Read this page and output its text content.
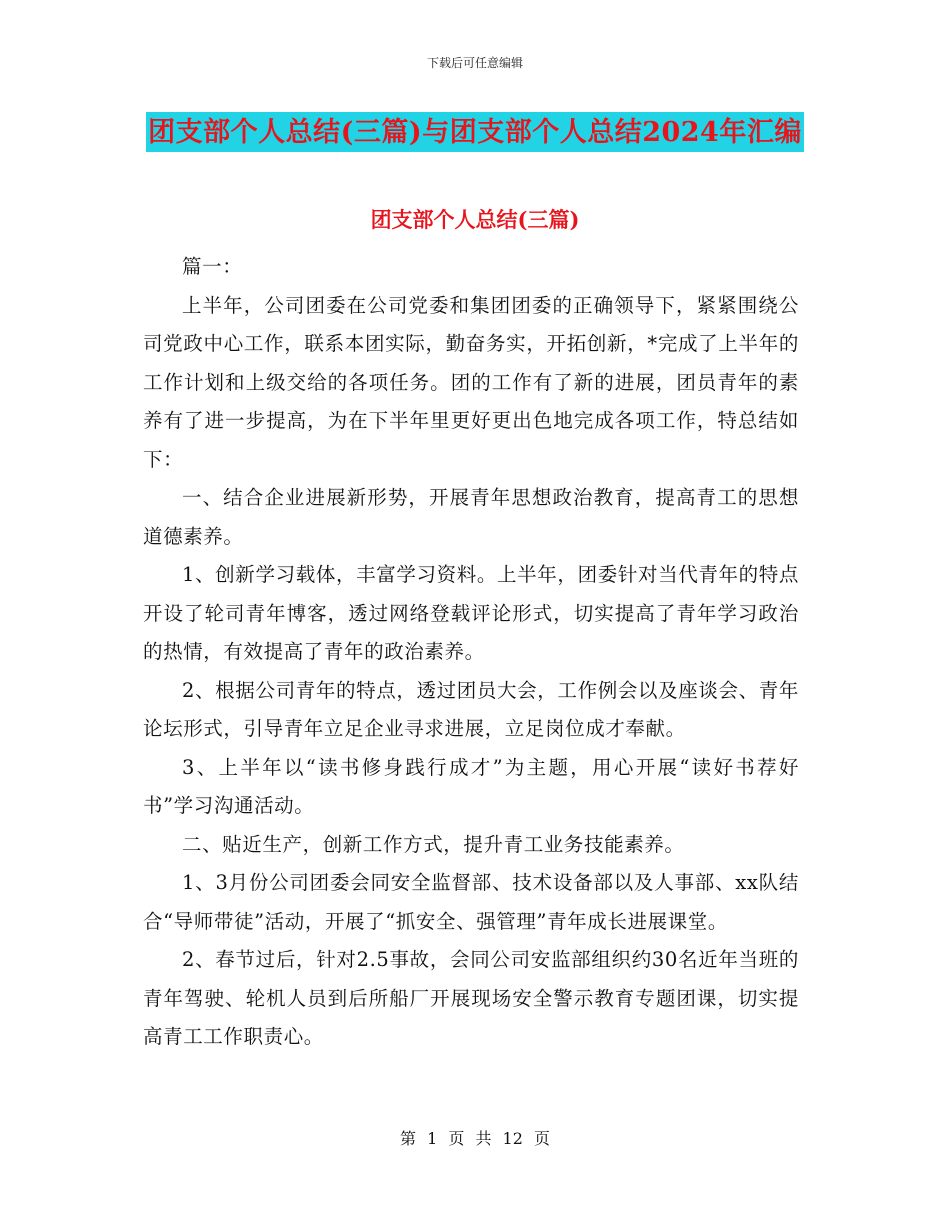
下载后可任意编辑
团支部个人总结(三篇)与团支部个人总结2024年汇编
团支部个人总结(三篇)

篇一：

上半年，公司团委在公司党委和集团团委的正确领导下，紧紧围绕公司党政中心工作，联系本团实际，勤奋务实，开拓创新，*完成了上半年的工作计划和上级交给的各项任务。团的工作有了新的进展，团员青年的素养有了进一步提高，为在下半年里更好更出色地完成各项工作，特总结如下：

一、结合企业进展新形势，开展青年思想政治教育，提高青工的思想道德素养。

1、创新学习载体，丰富学习资料。上半年，团委针对当代青年的特点开设了轮司青年博客，透过网络登载评论形式，切实提高了青年学习政治的热情，有效提高了青年的政治素养。

2、根据公司青年的特点，透过团员大会，工作例会以及座谈会、青年论坛形式，引导青年立足企业寻求进展，立足岗位成才奉献。

3、上半年以“读书修身践行成才”为主题，用心开展“读好书荐好书”学习沟通活动。

二、贴近生产，创新工作方式，提升青工业务技能素养。

1、3月份公司团委会同安全监督部、技术设备部以及人事部、xx队结合“导师带徒”活动，开展了“抓安全、强管理”青年成长进展课堂。

2、春节过后，针对2.5事故，会同公司安监部组织约30名近年当班的青年驾驶、轮机人员到后所船厂开展现场安全警示教育专题团课，切实提高青工工作职责心。

第 1 页 共 12 页
